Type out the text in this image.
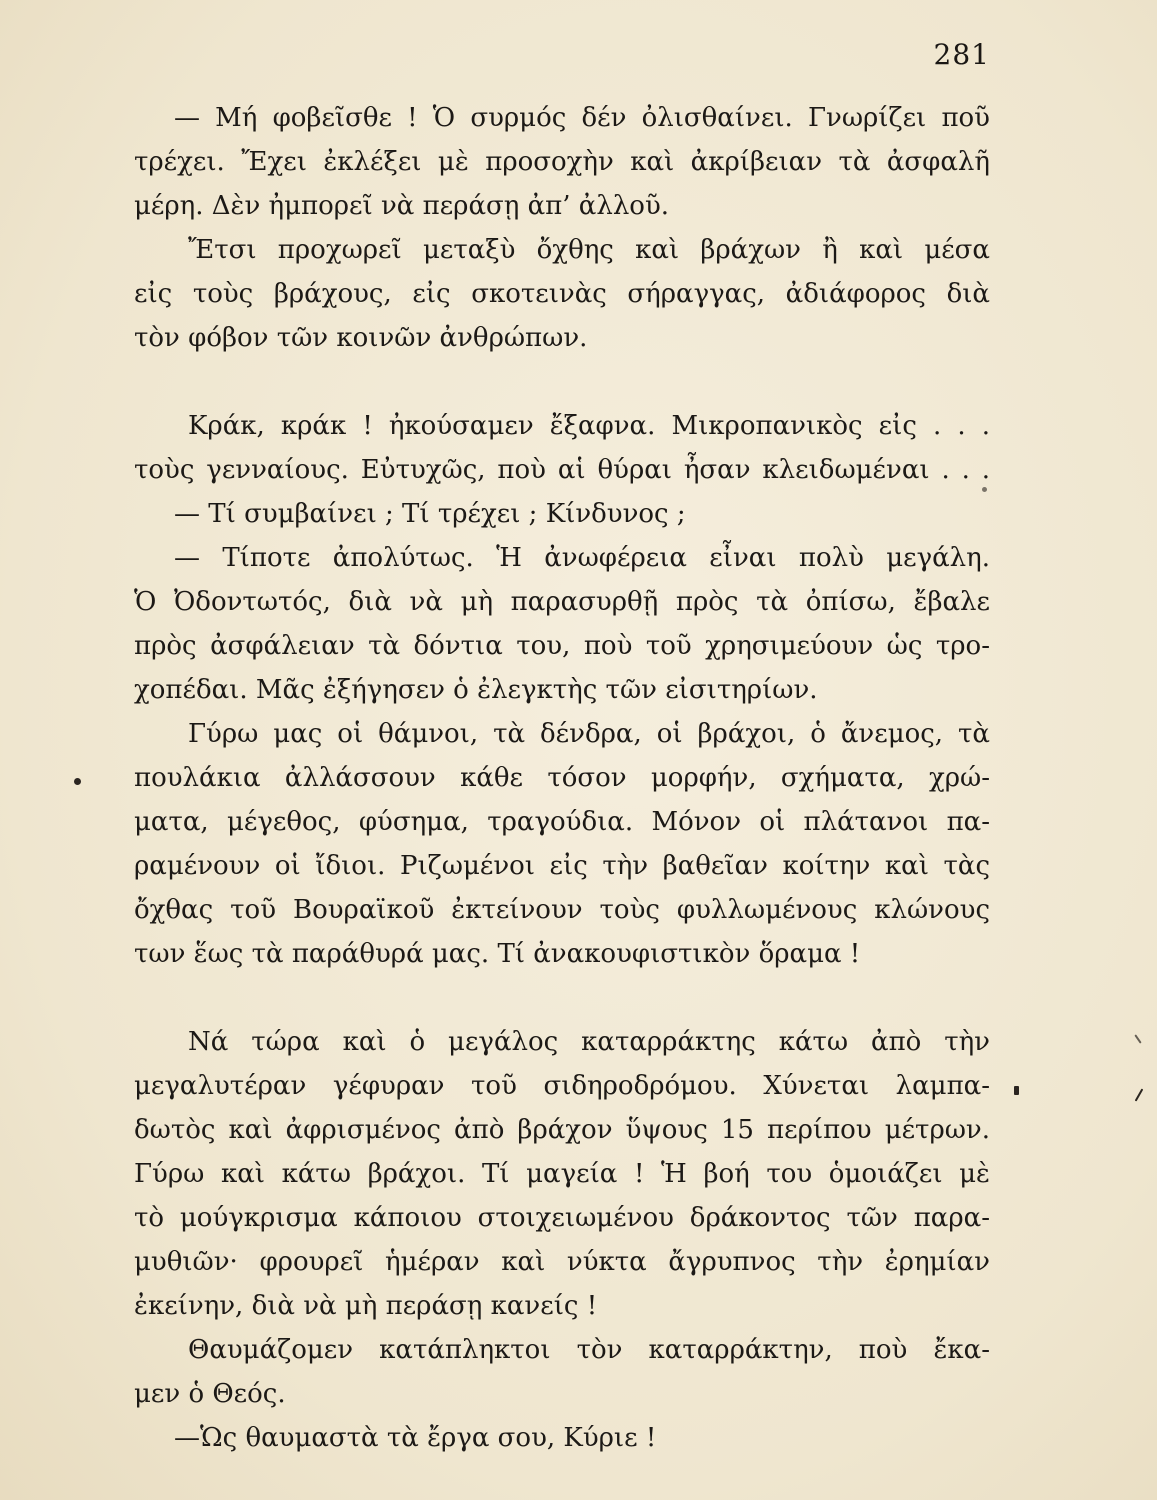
281
— Μή φοβεῖσθε ! Ὁ συρμός δέν ὀλισθαίνει. Γνωρίζει ποῦ
τρέχει. Ἔχει ἐκλέξει μὲ προσοχὴν καὶ ἀκρίβειαν τὰ ἀσφαλῆ
μέρη. Δὲν ἠμπορεῖ νὰ περάσῃ ἀπ’ ἀλλοῦ.
Ἔτσι προχωρεῖ μεταξὺ ὄχθης καὶ βράχων ἢ καὶ μέσα
εἰς τοὺς βράχους, εἰς σκοτεινὰς σήραγγας, ἀδιάφορος διὰ
τὸν φόβον τῶν κοινῶν ἀνθρώπων.
Κράκ, κράκ ! ἠκούσαμεν ἔξαφνα. Μικροπανικὸς εἰς . . .
τοὺς γενναίους. Εὐτυχῶς, ποὺ αἱ θύραι ἦσαν κλειδωμέναι . . .
— Τί συμβαίνει ; Τί τρέχει ; Κίνδυνος ;
— Τίποτε ἀπολύτως. Ἡ ἀνωφέρεια εἶναι πολὺ μεγάλη.
Ὁ Ὀδοντωτός, διὰ νὰ μὴ παρασυρθῇ πρὸς τὰ ὀπίσω, ἔβαλε
πρὸς ἀσφάλειαν τὰ δόντια του, ποὺ τοῦ χρησιμεύουν ὡς τρο-
χοπέδαι. Μᾶς ἐξήγησεν ὁ ἐλεγκτὴς τῶν εἰσιτηρίων.
Γύρω μας οἱ θάμνοι, τὰ δένδρα, οἱ βράχοι, ὁ ἄνεμος, τὰ
πουλάκια ἀλλάσσουν κάθε τόσον μορφήν, σχήματα, χρώ-
ματα, μέγεθος, φύσημα, τραγούδια. Μόνον οἱ πλάτανοι πα-
ραμένουν οἱ ἴδιοι. Ριζωμένοι εἰς τὴν βαθεῖαν κοίτην καὶ τὰς
ὄχθας τοῦ Βουραϊκοῦ ἐκτείνουν τοὺς φυλλωμένους κλώνους
των ἕως τὰ παράθυρά μας. Τί ἀνακουφιστικὸν ὅραμα !
Νά τώρα καὶ ὁ μεγάλος καταρράκτης κάτω ἀπὸ τὴν
μεγαλυτέραν γέφυραν τοῦ σιδηροδρόμου. Χύνεται λαμπα-
δωτὸς καὶ ἀφρισμένος ἀπὸ βράχον ὕψους 15 περίπου μέτρων.
Γύρω καὶ κάτω βράχοι. Τί μαγεία ! Ἡ βοή του ὁμοιάζει μὲ
τὸ μούγκρισμα κάποιου στοιχειωμένου δράκοντος τῶν παρα-
μυθιῶν· φρουρεῖ ἡμέραν καὶ νύκτα ἄγρυπνος τὴν ἐρημίαν
ἐκείνην, διὰ νὰ μὴ περάσῃ κανείς !
Θαυμάζομεν κατάπληκτοι τὸν καταρράκτην, ποὺ ἔκα-
μεν ὁ Θεός.
—Ὡς θαυμαστὰ τὰ ἔργα σου, Κύριε !
